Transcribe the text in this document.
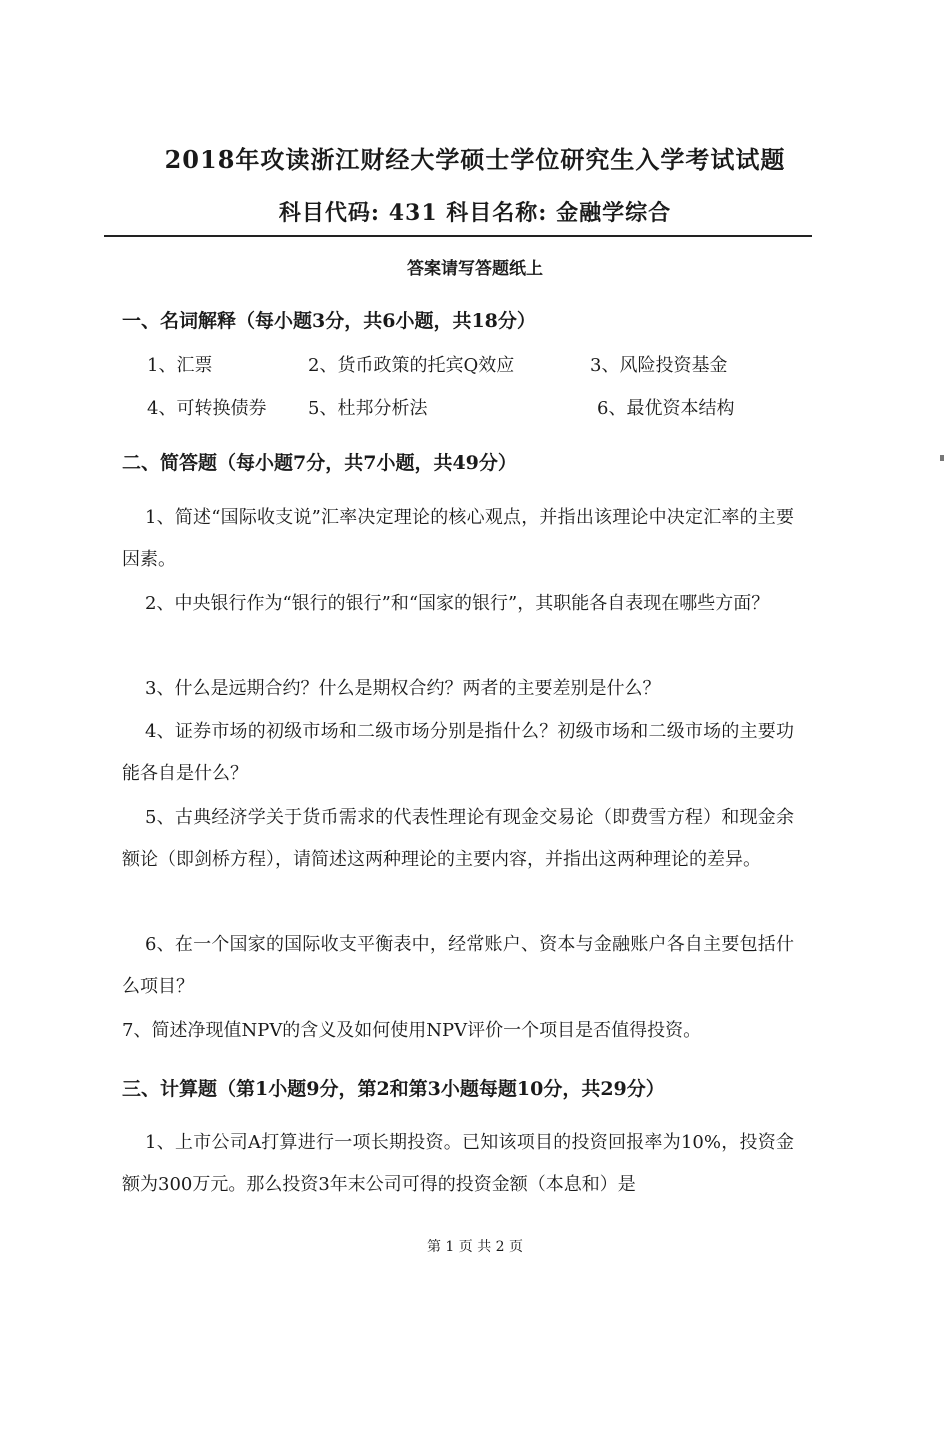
2018年攻读浙江财经大学硕士学位研究生入学考试试题
科目代码: 431 科目名称: 金融学综合
答案请写答题纸上
一、名词解释（每小题3分，共6小题，共18分）
1、汇票	2、货币政策的托宾Q效应	3、风险投资基金
4、可转换债券 5、杜邦分析法	6、最优资本结构
二、简答题（每小题7分，共7小题，共49分）
1、简述“国际收支说”汇率决定理论的核心观点，并指出该理论中决定汇率的主要因素。
2、中央银行作为“银行的银行”和“国家的银行”，其职能各自表现在哪些方面？
3、什么是远期合约？什么是期权合约？两者的主要差别是什么？
4、证券市场的初级市场和二级市场分别是指什么？初级市场和二级市场的主要功能各自是什么？
5、古典经济学关于货币需求的代表性理论有现金交易论（即费雪方程）和现金余额论（即剑桥方程），请简述这两种理论的主要内容，并指出这两种理论的差异。
6、在一个国家的国际收支平衡表中，经常账户、资本与金融账户各自主要包括什么项目？
7、简述净现值NPV的含义及如何使用NPV评价一个项目是否值得投资。
三、计算题（第1小题9分，第2和第3小题每题10分，共29分）
1、上市公司A打算进行一项长期投资。已知该项目的投资回报率为10%，投资金额为300万元。那么投资3年末公司可得的投资金额（本息和）是
第 1 页 共 2 页
